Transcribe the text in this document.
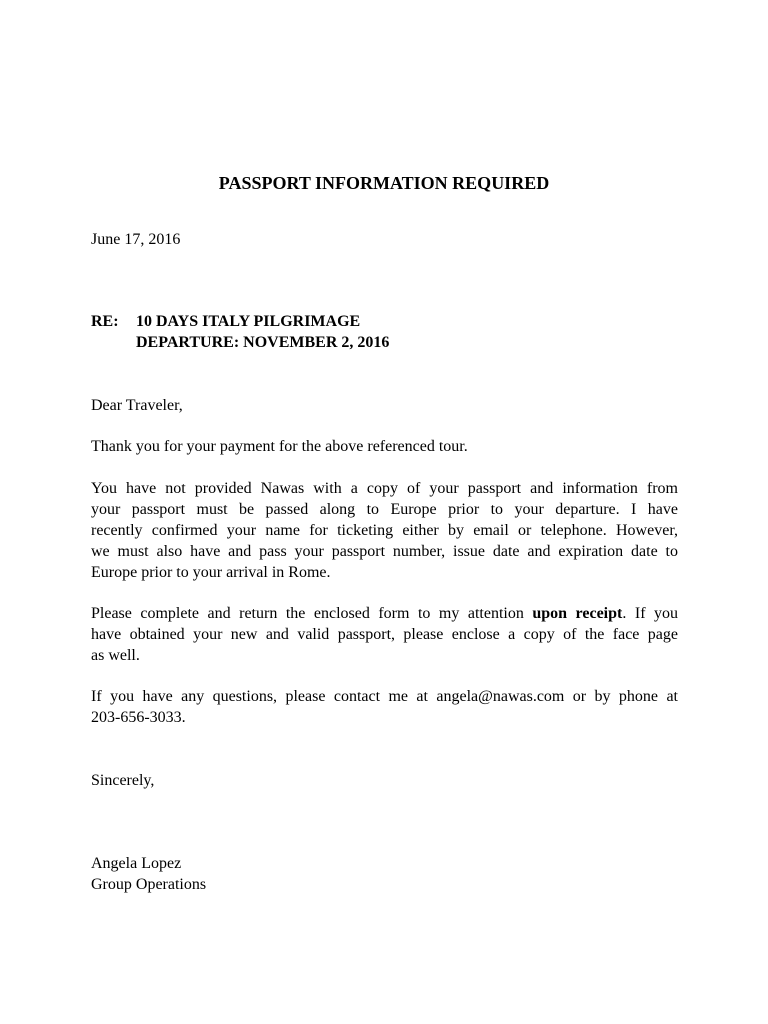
PASSPORT INFORMATION REQUIRED
June 17, 2016
RE: 10 DAYS ITALY PILGRIMAGE
DEPARTURE: NOVEMBER 2, 2016
Dear Traveler,
Thank you for your payment for the above referenced tour.
You have not provided Nawas with a copy of your passport and information from
your passport must be passed along to Europe prior to your departure. I have
recently confirmed your name for ticketing either by email or telephone. However,
we must also have and pass your passport number, issue date and expiration date to
Europe prior to your arrival in Rome.
Please complete and return the enclosed form to my attention upon receipt. If you
have obtained your new and valid passport, please enclose a copy of the face page
as well.
If you have any questions, please contact me at angela@nawas.com or by phone at
203-656-3033.
Sincerely,
Angela Lopez
Group Operations
